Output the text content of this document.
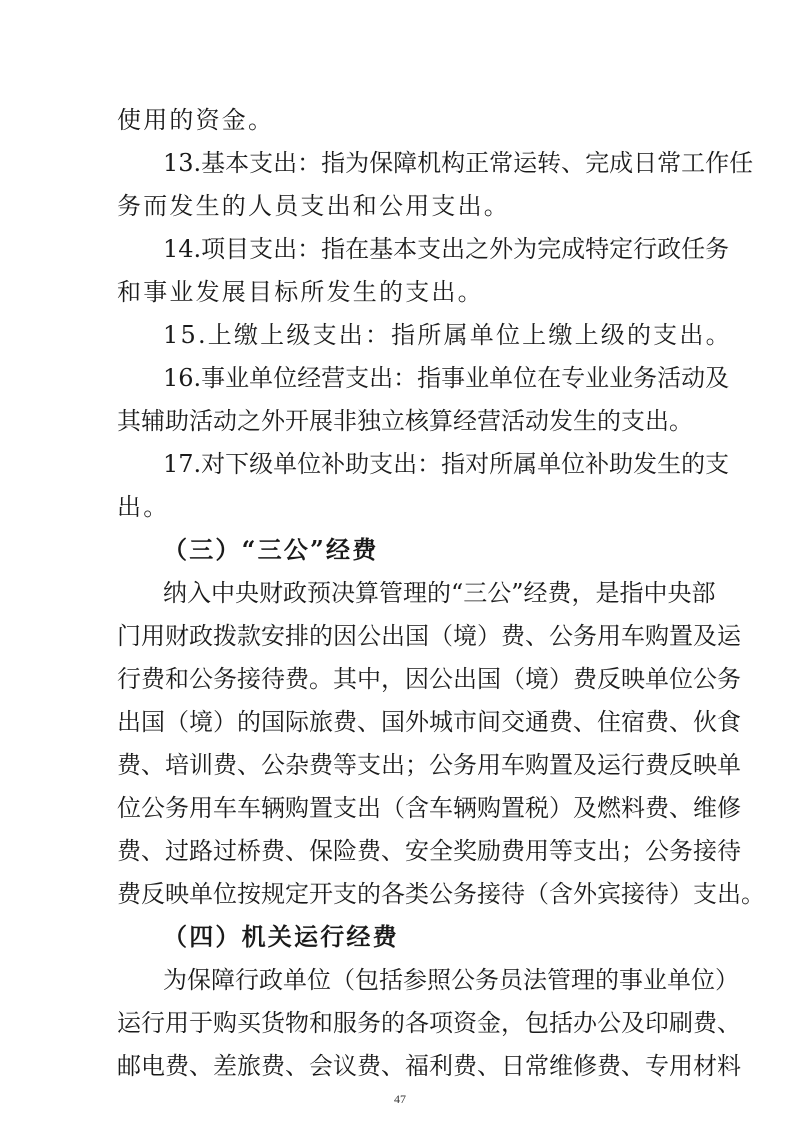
使用的资金。
13.基本支出：指为保障机构正常运转、完成日常工作任
务而发生的人员支出和公用支出。
14.项目支出：指在基本支出之外为完成特定行政任务
和事业发展目标所发生的支出。
15.上缴上级支出：指所属单位上缴上级的支出。
16.事业单位经营支出：指事业单位在专业业务活动及
其辅助活动之外开展非独立核算经营活动发生的支出。
17.对下级单位补助支出：指对所属单位补助发生的支
出。
（三）“三公”经费
纳入中央财政预决算管理的“三公”经费，是指中央部
门用财政拨款安排的因公出国（境）费、公务用车购置及运
行费和公务接待费。其中，因公出国（境）费反映单位公务
出国（境）的国际旅费、国外城市间交通费、住宿费、伙食
费、培训费、公杂费等支出；公务用车购置及运行费反映单
位公务用车车辆购置支出（含车辆购置税）及燃料费、维修
费、过路过桥费、保险费、安全奖励费用等支出；公务接待
费反映单位按规定开支的各类公务接待（含外宾接待）支出。
（四）机关运行经费
为保障行政单位（包括参照公务员法管理的事业单位）
运行用于购买货物和服务的各项资金，包括办公及印刷费、
邮电费、差旅费、会议费、福利费、日常维修费、专用材料
47
